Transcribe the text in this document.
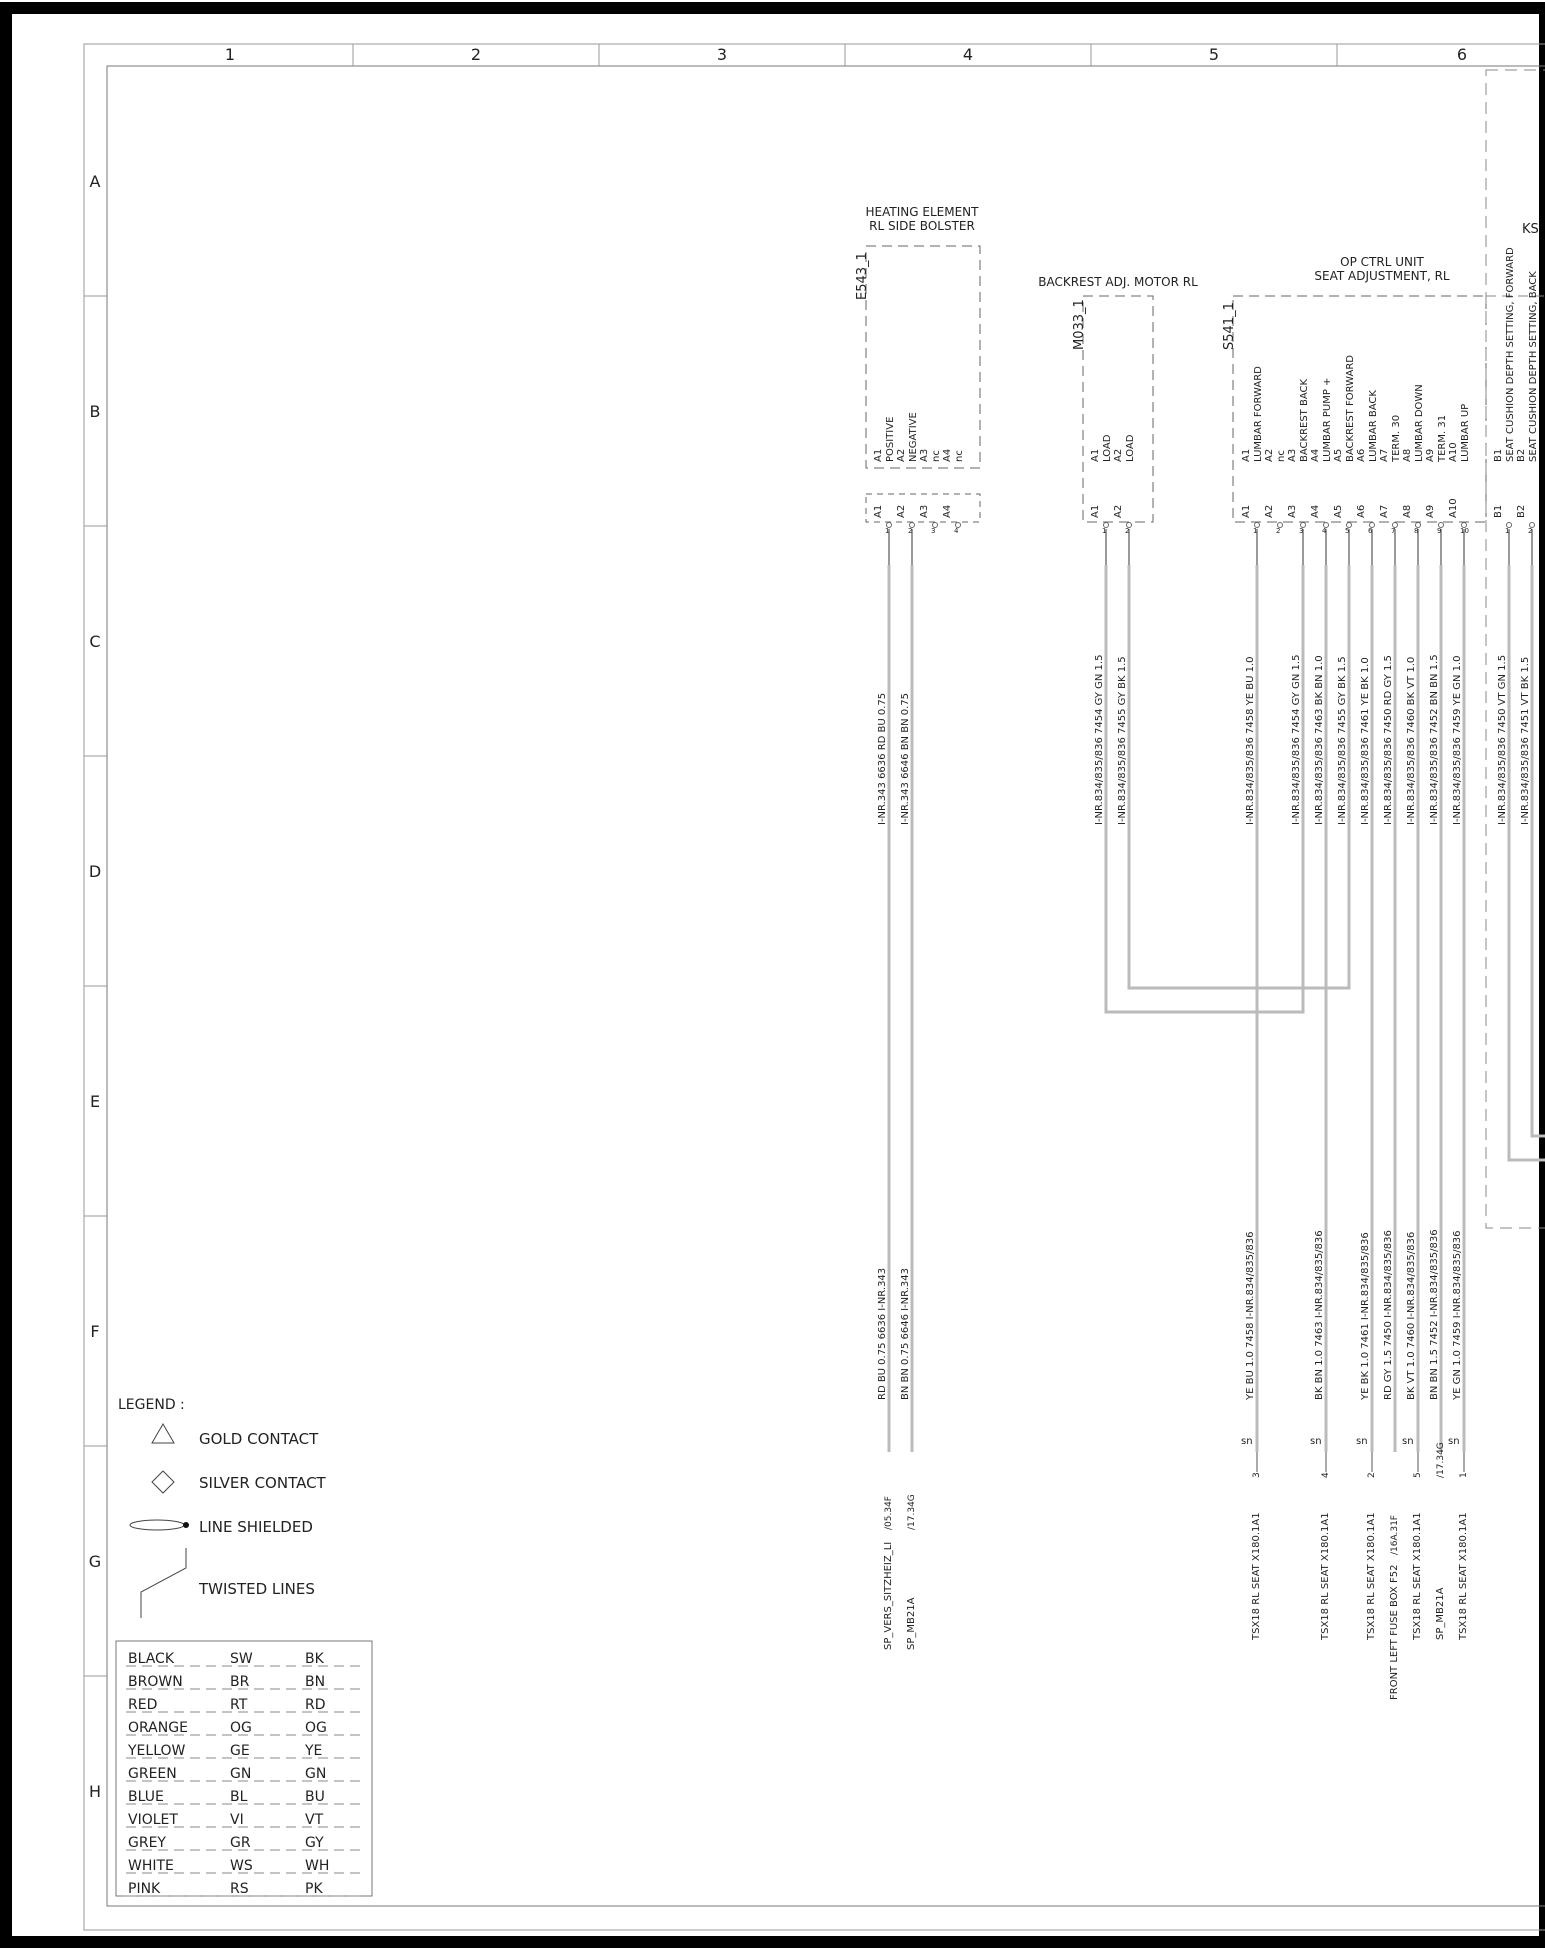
1	2	3	4	5	6
A
B
C
D
E
F
G
H
HEATING ELEMENT
RL SIDE BOLSTER
E543_1	BACKREST ADJ. MOTOR RL
M033_1
OP CTRL UNIT
SEAT ADJUSTMENT, RL
S541_1
KS
I-NR.343 6636 RD BU 0.75 I-NR.343 6646 BN BN 0.75	I-NR.834/835/836 7454 GY GN 1.5 I-NR.834/835/836 7455 GY BK 1.5	I-NR.834/835/836 7458 YE BU 1.0	I-NR.834/835/836 7454 GY GN 1.5 I-NR.834/835/836 7463 BK BN 1.0 I-NR.834/835/836 7455 GY BK 1.5 I-NR.834/835/836 7461 YE BK 1.0 I-NR.834/835/836 7450 RD GY 1.5 I-NR.834/835/836 7460 BK VT 1.0 I-NR.834/835/836 7452 BN BN 1.5 I-NR.834/835/836 7459 YE GN 1.0	I-NR.834/835/836 7450 VT GN 1.5 I-NR.834/835/836 7451 VT BK 1.5
RD BU 0.75 6636 I-NR.343 BN BN 0.75 6646 I-NR.343	YE BU 1.0 7458 I-NR.834/835/836	BK BN 1.0 7463 I-NR.834/835/836	YE BK 1.0 7461 I-NR.834/835/836 RD GY 1.5 7450 I-NR.834/835/836 BK VT 1.0 7460 I-NR.834/835/836 BN BN 1.5 7452 I-NR.834/835/836 YE GN 1.0 7459 I-NR.834/835/836
sn	sn	sn	sn	sn
SP_VERS_SITZHEIZ_LI
/05.34F
SP_MB21A
/17.34G
TSX18 RL SEAT X180.1A1
3
TSX18 RL SEAT X180.1A1
4
TSX18 RL SEAT X180.1A1
2
FRONT LEFT FUSE BOX F52
/16A.31F TSX18 RL SEAT X180.1A1
5
SP_MB21A
/17.34G
TSX18 RL SEAT X180.1A1
1
POSITIVE
A1
A1
1
NEGATIVE
A2
A2
2
nc
A3
A3
3
nc
A4
A4
4
LOAD
A1
A1
1
LOAD
A2
A2
2
LUMBAR FORWARD
A1
A1
1
nc
A2
A2
2
BACKREST BACK
A3
A3
3
LUMBAR PUMP +
A4
A4
4
BACKREST FORWARD
A5
A5
5
LUMBAR BACK
A6
A6
6
TERM. 30
A7
A7
7
LUMBAR DOWN
A8
A8
8
TERM. 31
A9
A9
9
LUMBAR UP
A10
A10
10
SEAT CUSHION DEPTH SETTING, FORWARD
B1
B1
1
SEAT CUSHION DEPTH SETTING, BACK
B2
B2
2
LEGEND :
GOLD CONTACT
SILVER CONTACT
LINE SHIELDED
TWISTED LINES
BLACK	SW	BK
BROWN	BR	BN
RED	RT	RD
ORANGE	OG	OG
YELLOW	GE	YE
GREEN	GN	GN
BLUE	BL	BU
VIOLET	VI	VT
GREY	GR	GY
WHITE	WS	WH
PINK	RS	PK
